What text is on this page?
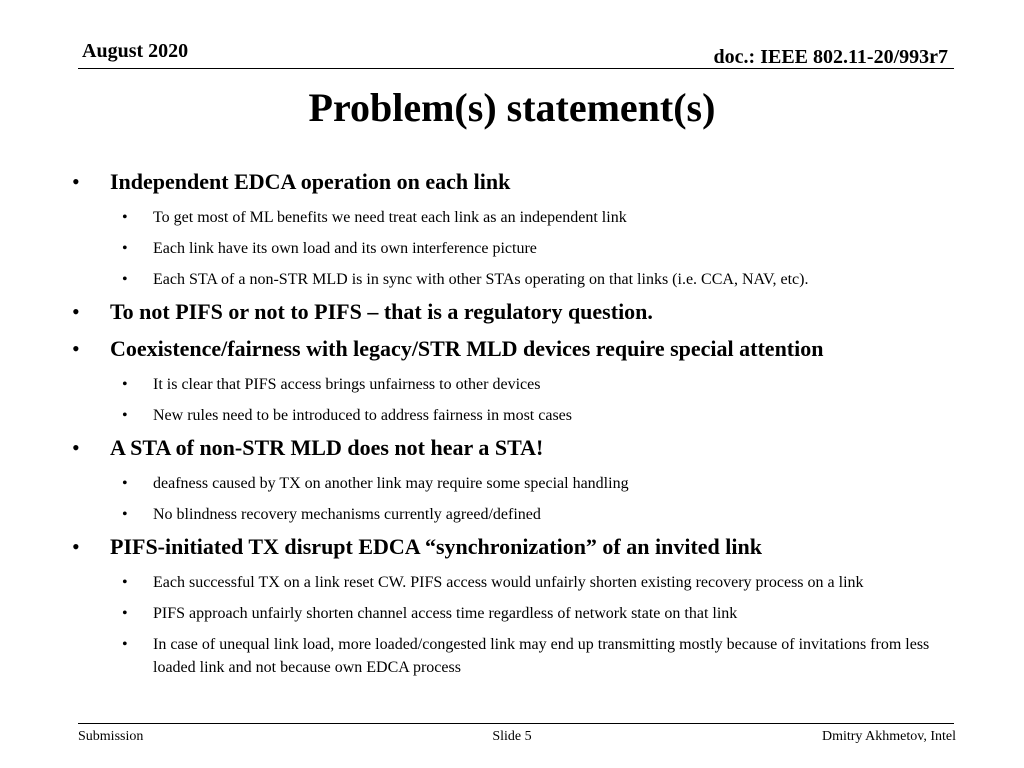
August 2020	doc.: IEEE 802.11-20/993r7
Problem(s) statement(s)
• Independent EDCA operation on each link
• To get most of ML benefits we need treat each link as an independent link
• Each link have its own load and its own interference picture
• Each STA of a non-STR MLD is in sync with other STAs operating on that links (i.e. CCA, NAV, etc).
• To not PIFS or not to PIFS – that is a regulatory question.
• Coexistence/fairness with legacy/STR MLD devices require special attention
• It is clear that PIFS access brings unfairness to other devices
• New rules need to be introduced to address fairness in most cases
• A STA of non-STR MLD does not hear a STA!
• deafness caused by TX on another link may require some special handling
• No blindness recovery mechanisms currently agreed/defined
• PIFS-initiated TX disrupt EDCA “synchronization” of an invited link
• Each successful TX on a link reset CW. PIFS access would unfairly shorten existing recovery process on a link
• PIFS approach unfairly shorten channel access time regardless of network state on that link
• In case of unequal link load, more loaded/congested link may end up transmitting mostly because of invitations from less loaded link and not because own EDCA process
Submission	Slide 5	Dmitry Akhmetov, Intel
